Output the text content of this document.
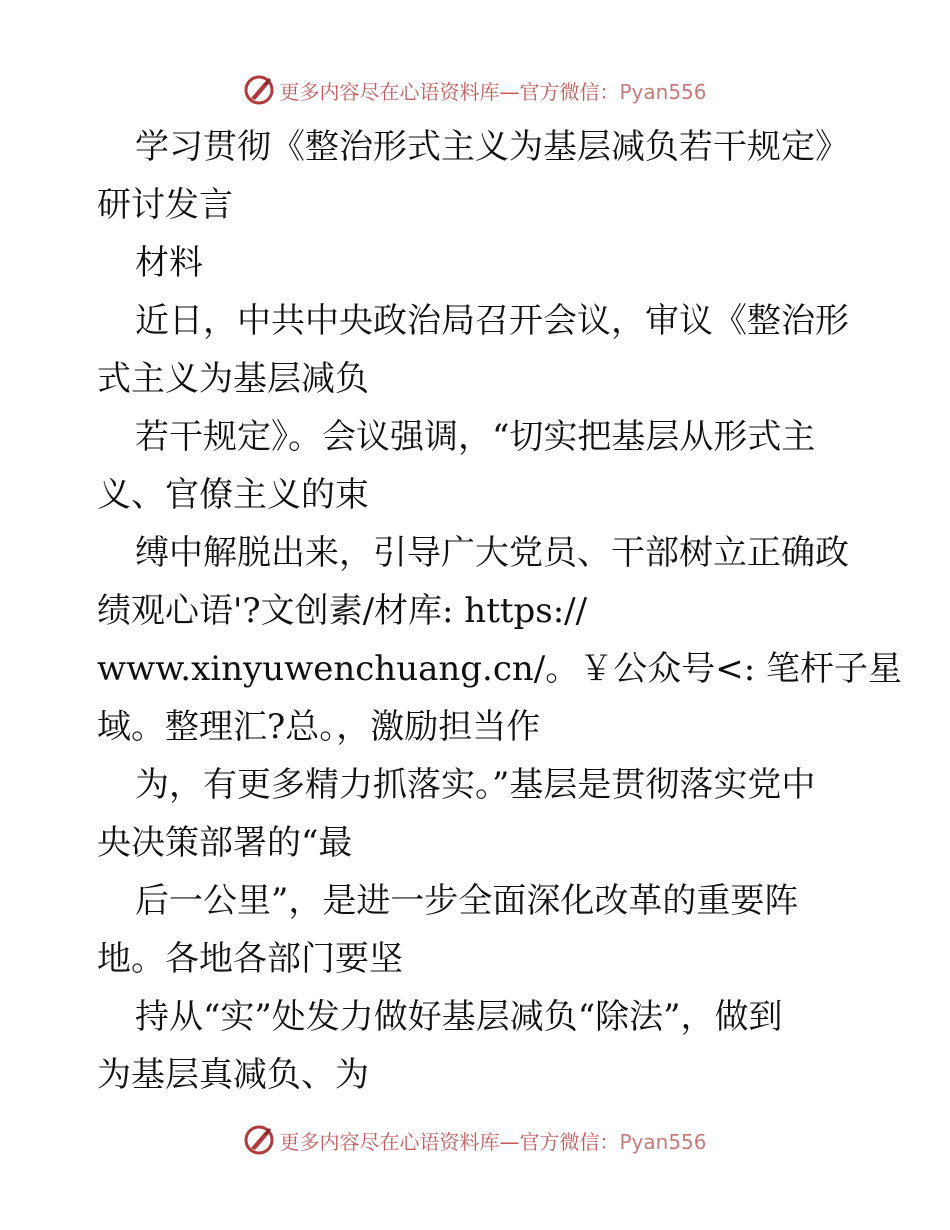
更多内容尽在心语资料库—官方微信：Pyan556
学习贯彻《整治形式主义为基层减负若干规定》
研讨发言
材料
近日，中共中央政治局召开会议，审议《整治形
式主义为基层减负
若干规定》。会议强调，“切实把基层从形式主
义、官僚主义的束
缚中解脱出来，引导广大党员、干部树立正确政
绩观心语'?文创素/材库: https://
www.xinyuwenchuang.cn/。￥公众号<: 笔杆子星
域。整理汇?总。，激励担当作
为，有更多精力抓落实。”基层是贯彻落实党中
央决策部署的“最
后一公里”，是进一步全面深化改革的重要阵
地。各地各部门要坚
持从“实”处发力做好基层减负“除法”，做到
为基层真减负、为
更多内容尽在心语资料库—官方微信：Pyan556
